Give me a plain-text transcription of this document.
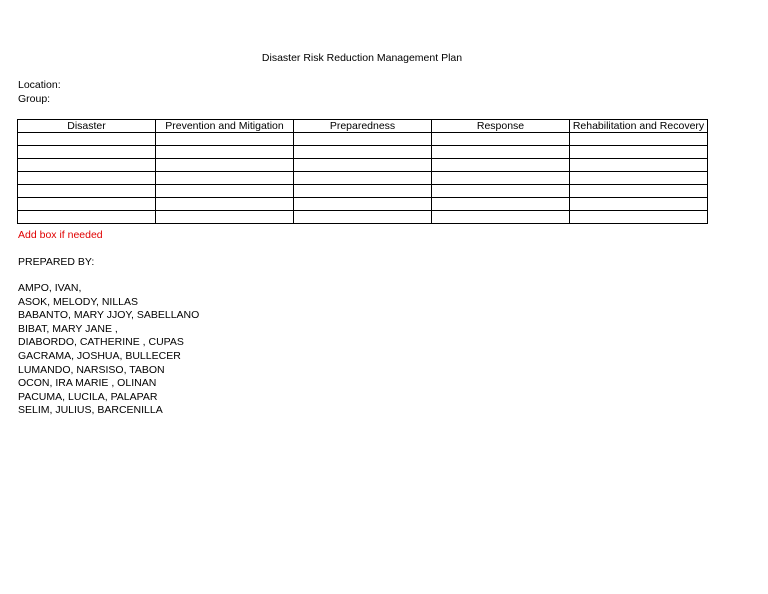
Disaster Risk Reduction Management Plan
Location:
Group:
Disaster	Prevention and Mitigation	Preparedness	Response	Rehabilitation and Recovery

Add box if needed
PREPARED BY:
AMPO, IVAN,
ASOK, MELODY, NILLAS
BABANTO, MARY JJOY, SABELLANO
BIBAT, MARY JANE ,
DIABORDO, CATHERINE , CUPAS
GACRAMA, JOSHUA, BULLECER
LUMANDO, NARSISO, TABON
OCON, IRA MARIE , OLINAN
PACUMA, LUCILA, PALAPAR
SELIM, JULIUS, BARCENILLA
